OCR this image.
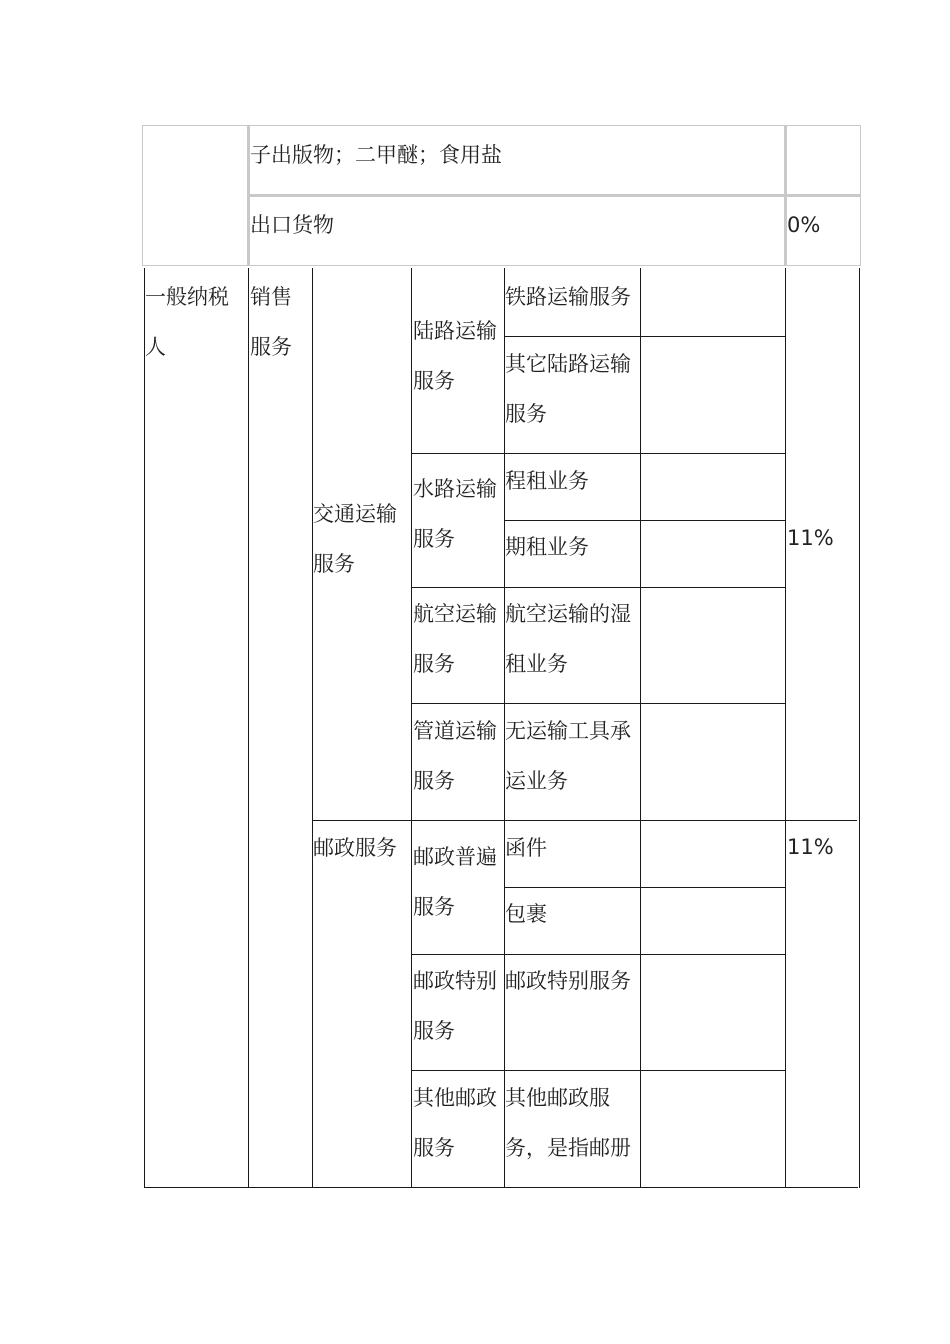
子出版物；二甲醚；食用盐
出口货物	0%
一般纳税
人
销售
服务
交通运输
服务
邮政服务
陆路运输
服务
水路运输
服务
航空运输
服务
管道运输
服务
邮政普遍
服务
邮政特别
服务
其他邮政
服务
铁路运输服务
其它陆路运输
服务
程租业务
期租业务
航空运输的湿
租业务
无运输工具承
运业务
函件
包裹
邮政特别服务
其他邮政服
务，是指邮册
11%
11%
